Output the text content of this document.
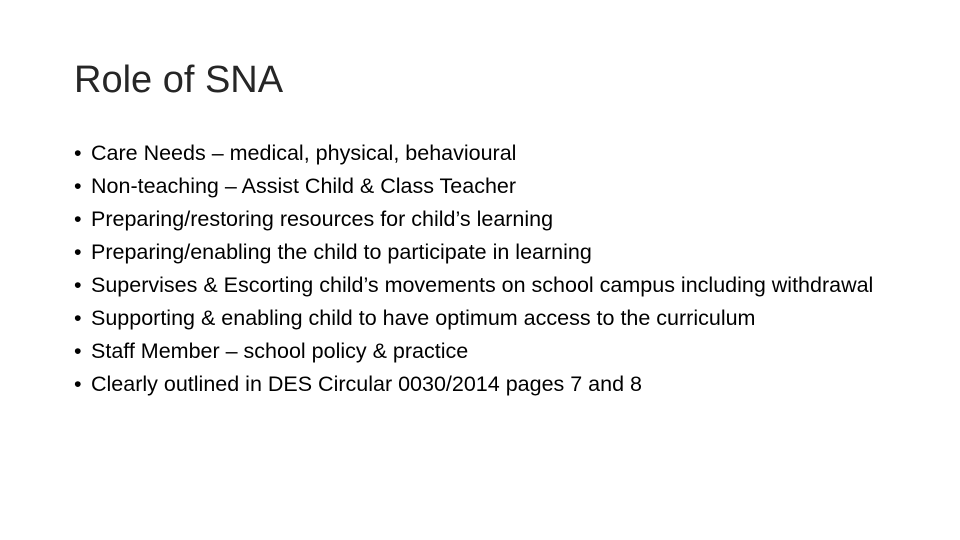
Role of SNA
• Care Needs – medical, physical, behavioural
• Non-teaching – Assist Child & Class Teacher
• Preparing/restoring resources for child’s learning
• Preparing/enabling the child to participate in learning
• Supervises & Escorting child’s movements on school campus including withdrawal
• Supporting & enabling child to have optimum access to the curriculum
• Staff Member – school policy & practice
• Clearly outlined in DES Circular 0030/2014 pages 7 and 8
